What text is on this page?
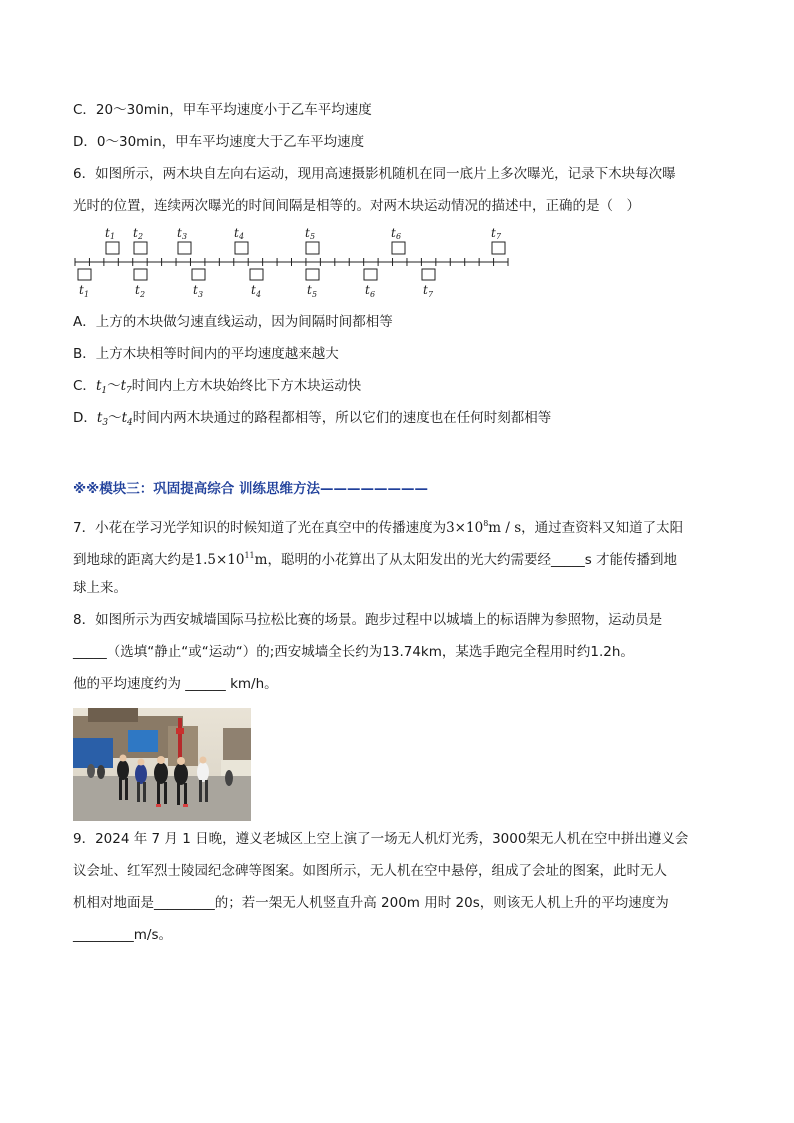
C．20～30min，甲车平均速度小于乙车平均速度
D．0～30min，甲车平均速度大于乙车平均速度
6．如图所示，两木块自左向右运动，现用高速摄影机随机在同一底片上多次曝光，记录下木块每次曝
光时的位置，连续两次曝光的时间间隔是相等的。对两木块运动情况的描述中，正确的是（　）
t 1 t 2	t 3	t 4	t 5	t 6	t 7
t 1	t 2	t 3	t 4	t 5	t 6	t 7
A．上方的木块做匀速直线运动，因为间隔时间都相等
B．上方木块相等时间内的平均速度越来越大
C．$t_1\sim t_7$时间内上方木块始终比下方木块运动快
D．$t_3\sim t_4$时间内两木块通过的路程都相等，所以它们的速度也在任何时刻都相等
※※模块三：巩固提高综合 训练思维方法————————
7．小花在学习光学知识的时候知道了光在真空中的传播速度为$3\times 10^8m / s$，通过查资料又知道了太阳
到地球的距离大约是$1.5\times 10^{11}m$，聪明的小花算出了从太阳发出的光大约需要经_____s 才能传播到地
球上来。
8．如图所示为西安城墙国际马拉松比赛的场景。跑步过程中以城墙上的标语牌为参照物，运动员是
_____（选填“静止“或“运动“）的;西安城墙全长约为13.74km，某选手跑完全程用时约1.2h。
他的平均速度约为 ______ km/h。
9．2024 年 7 月 1 日晚，遵义老城区上空上演了一场无人机灯光秀，3000架无人机在空中拼出遵义会
议会址、红军烈士陵园纪念碑等图案。如图所示，无人机在空中悬停，组成了会址的图案，此时无人
机相对地面是_________的；若一架无人机竖直升高 200m 用时 20s，则该无人机上升的平均速度为
_________m/s。
